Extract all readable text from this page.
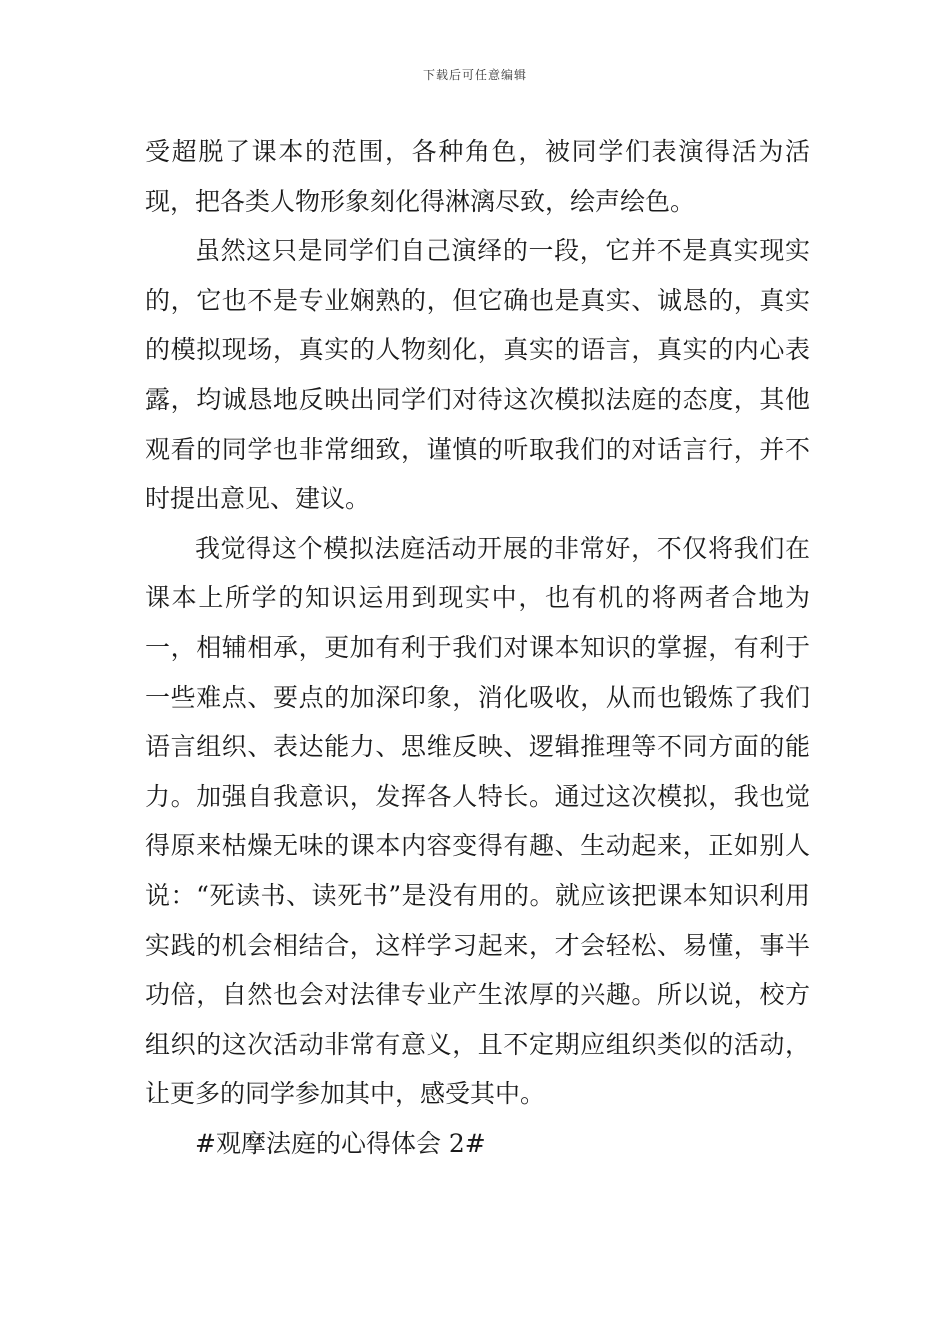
下载后可任意编辑

受超脱了课本的范围，各种角色，被同学们表演得活为活现，把各类人物形象刻化得淋漓尽致，绘声绘色。

虽然这只是同学们自己演绎的一段，它并不是真实现实的，它也不是专业娴熟的，但它确也是真实、诚恳的，真实的模拟现场，真实的人物刻化，真实的语言，真实的内心表露，均诚恳地反映出同学们对待这次模拟法庭的态度，其他观看的同学也非常细致，谨慎的听取我们的对话言行，并不时提出意见、建议。

我觉得这个模拟法庭活动开展的非常好，不仅将我们在课本上所学的知识运用到现实中，也有机的将两者合地为一，相辅相承，更加有利于我们对课本知识的掌握，有利于一些难点、要点的加深印象，消化吸收，从而也锻炼了我们语言组织、表达能力、思维反映、逻辑推理等不同方面的能力。加强自我意识，发挥各人特长。通过这次模拟，我也觉得原来枯燥无味的课本内容变得有趣、生动起来，正如别人说：“死读书、读死书”是没有用的。就应该把课本知识利用实践的机会相结合，这样学习起来，才会轻松、易懂，事半功倍，自然也会对法律专业产生浓厚的兴趣。所以说，校方组织的这次活动非常有意义，且不定期应组织类似的活动，让更多的同学参加其中，感受其中。

#观摩法庭的心得体会 2#
